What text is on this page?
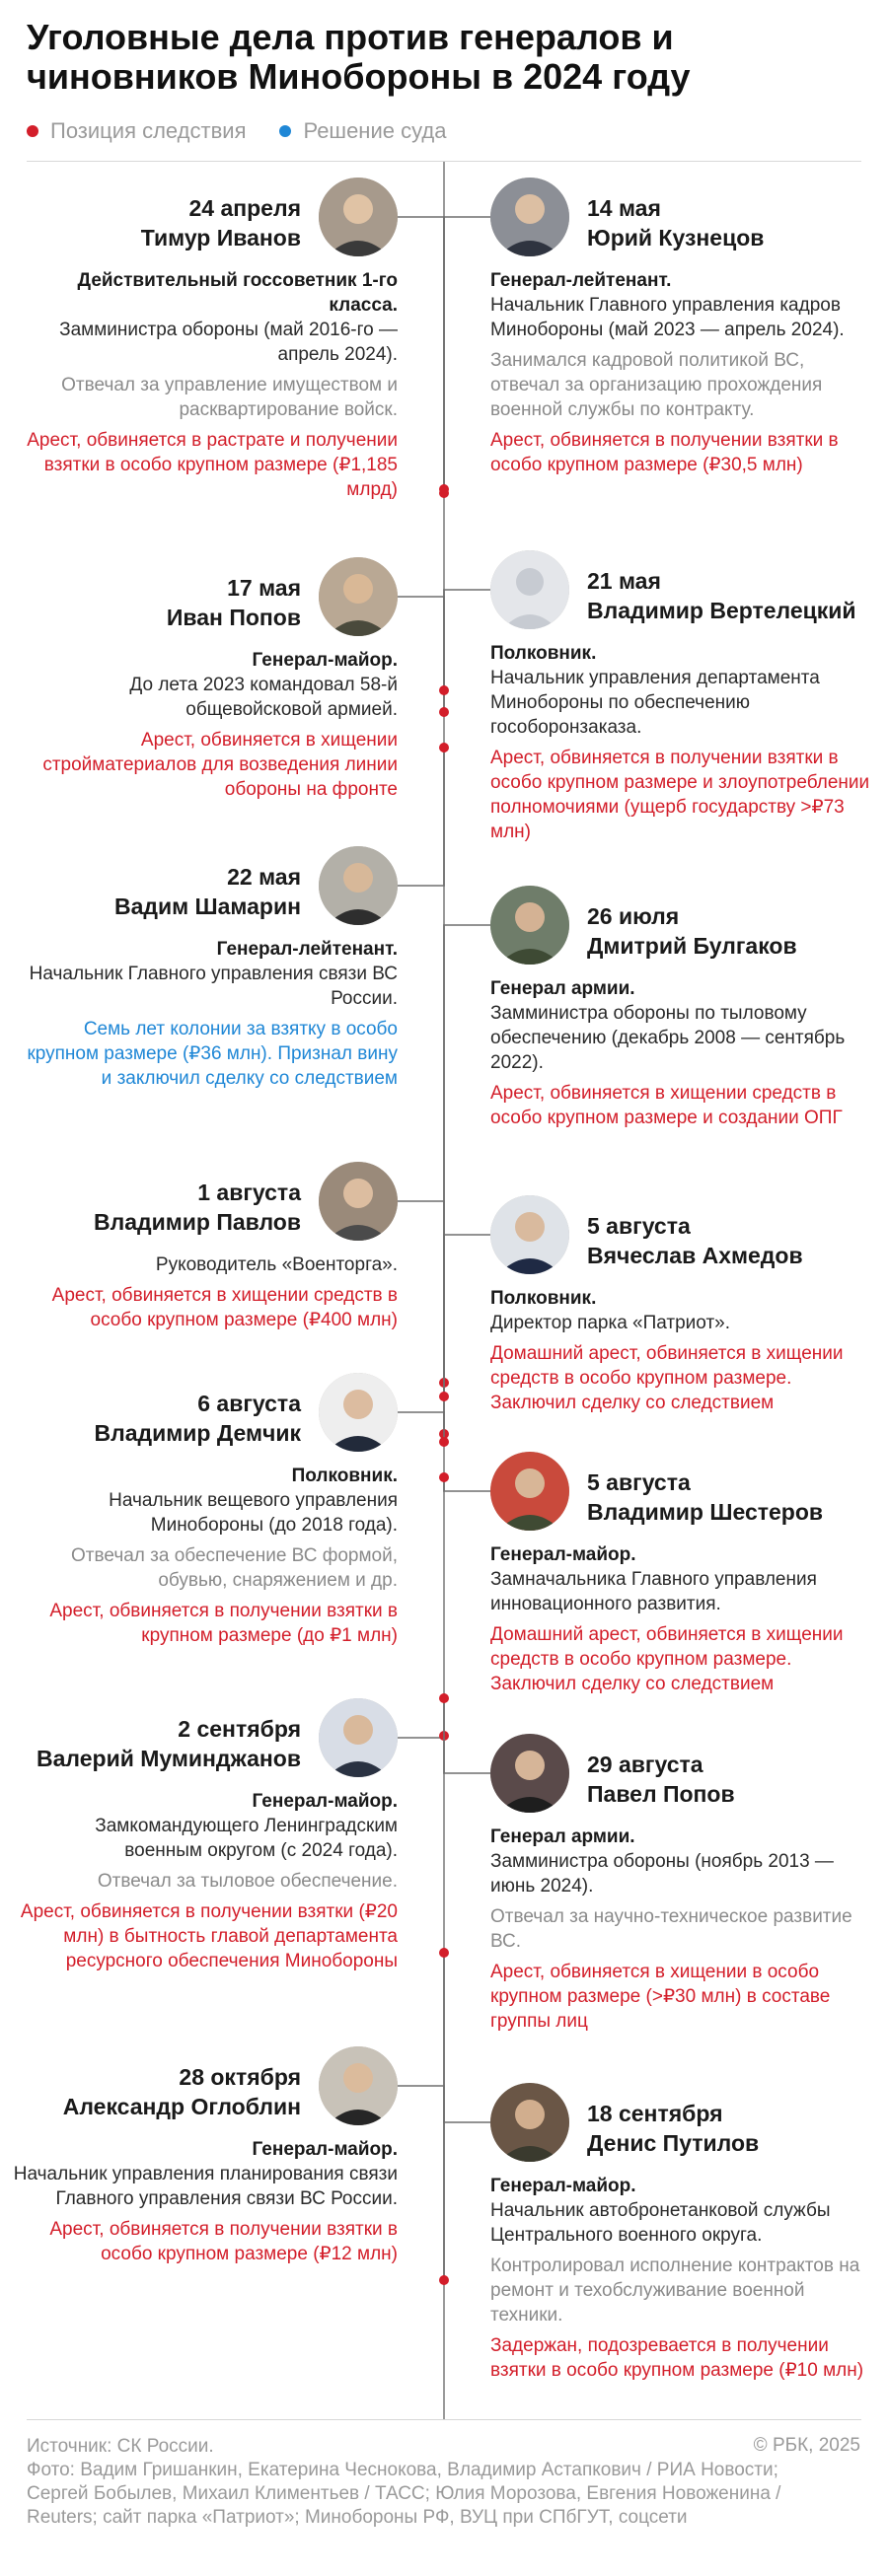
Уголовные дела против генералов и чиновников Минобороны в 2024 году
Позиция следствия	Решение суда
24 апреля
Тимур Иванов

Действительный госсоветник 1-го класса.

Замминистра обороны (май 2016-го — апрель 2024).

Отвечал за управление имуществом и расквартирование войск.

Арест, обвиняется в растрате и получении взятки в особо крупном размере (₽1,185 млрд)

14 мая
Юрий Кузнецов

Генерал-лейтенант.

Начальник Главного управления кадров Минобороны (май 2023 — апрель 2024).

Занимался кадровой политикой ВС, отвечал за организацию прохождения военной службы по контракту.

Арест, обвиняется в получении взятки в особо крупном размере (₽30,5 млн)

17 мая
Иван Попов

Генерал-майор.

До лета 2023 командовал 58-й общевойсковой армией.

Арест, обвиняется в хищении стройматериалов для возведения линии обороны на фронте

21 мая
Владимир Вертелецкий

Полковник.

Начальник управления департамента Минобороны по обеспечению гособоронзаказа.

Арест, обвиняется в получении взятки в особо крупном размере и злоупотреблении полномочиями (ущерб государству >₽73 млн)

22 мая
Вадим Шамарин

Генерал-лейтенант.

Начальник Главного управления связи ВС России.

Семь лет колонии за взятку в особо крупном размере (₽36 млн). Признал вину и заключил сделку со следствием

26 июля
Дмитрий Булгаков

Генерал армии.

Замминистра обороны по тыловому обеспечению (декабрь 2008 — сентябрь 2022).

Арест, обвиняется в хищении средств в особо крупном размере и создании ОПГ

1 августа
Владимир Павлов

Руководитель «Военторга».

Арест, обвиняется в хищении средств в особо крупном размере (₽400 млн)

5 августа
Вячеслав Ахмедов

Полковник.

Директор парка «Патриот».

Домашний арест, обвиняется в хищении средств в особо крупном размере. Заключил сделку со следствием

6 августа
Владимир Демчик

Полковник.

Начальник вещевого управления Минобороны (до 2018 года).

Отвечал за обеспечение ВС формой, обувью, снаряжением и др.

Арест, обвиняется в получении взятки в крупном размере (до ₽1 млн)

5 августа
Владимир Шестеров

Генерал-майор.

Замначальника Главного управления инновационного развития.

Домашний арест, обвиняется в хищении средств в особо крупном размере. Заключил сделку со следствием

2 сентября
Валерий Муминджанов

Генерал-майор.

Замкомандующего Ленинградским военным округом (с 2024 года).

Отвечал за тыловое обеспечение.

Арест, обвиняется в получении взятки (₽20 млн) в бытность главой департамента ресурсного обеспечения Минобороны

29 августа
Павел Попов

Генерал армии.

Замминистра обороны (ноябрь 2013 — июнь 2024).

Отвечал за научно-техническое развитие ВС.

Арест, обвиняется в хищении в особо крупном размере (>₽30 млн) в составе группы лиц

28 октября
Александр Оглоблин

Генерал-майор.

Начальник управления планирования связи Главного управления связи ВС России.

Арест, обвиняется в получении взятки в особо крупном размере (₽12 млн)

18 сентября
Денис Путилов

Генерал-майор.

Начальник автобронетанковой службы Центрального военного округа.

Контролировал исполнение контрактов на ремонт и техобслуживание военной техники.

Задержан, подозревается в получении взятки в особо крупном размере (₽10 млн)

Источник: СК России.
Фото: Вадим Гришанкин, Екатерина Чеснокова, Владимир Астапкович / РИА Новости; Сергей Бобылев, Михаил Климентьев / ТАСС; Юлия Морозова, Евгения Новоженина / Reuters; сайт парка «Патриот»; Минобороны РФ, ВУЦ при СПбГУТ, соцсети
© РБК, 2025
